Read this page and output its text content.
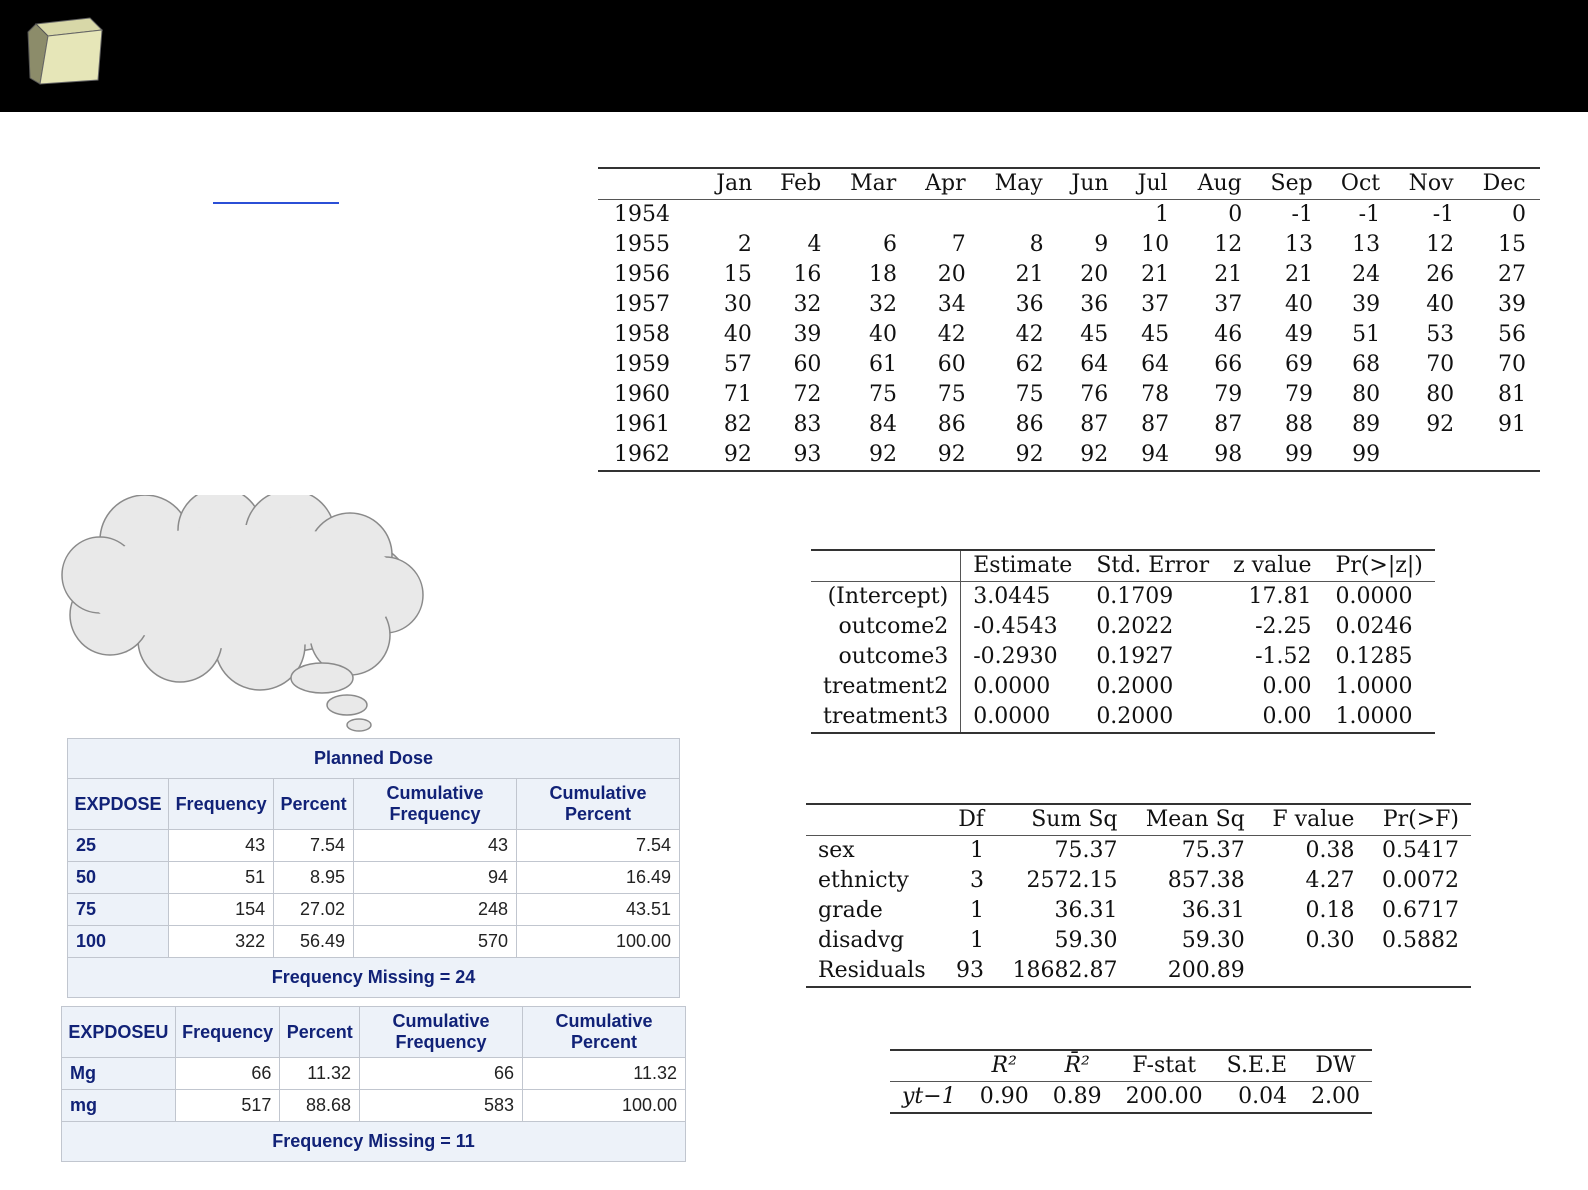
	Jan	Feb	Mar	Apr	May	Jun	Jul	Aug	Sep	Oct	Nov	Dec
1954							1	0	-1	-1	-1	0
1955	2	4	6	7	8	9	10	12	13	13	12	15
1956	15	16	18	20	21	20	21	21	21	24	26	27
1957	30	32	32	34	36	36	37	37	40	39	40	39
1958	40	39	40	42	42	45	45	46	49	51	53	56
1959	57	60	61	60	62	64	64	66	69	68	70	70
1960	71	72	75	75	75	76	78	79	79	80	80	81
1961	82	83	84	86	86	87	87	87	88	89	92	91
1962	92	93	92	92	92	92	94	98	99	99		
	Estimate	Std. Error	z value	Pr(>|z|)
(Intercept)	3.0445	0.1709	17.81	0.0000
outcome2	-0.4543	0.2022	-2.25	0.0246
outcome3	-0.2930	0.1927	-1.52	0.1285
treatment2	0.0000	0.2000	0.00	1.0000
treatment3	0.0000	0.2000	0.00	1.0000
	Df	Sum Sq	Mean Sq	F value	Pr(>F)
sex	1	75.37	75.37	0.38	0.5417
ethnicty	3	2572.15	857.38	4.27	0.0072
grade	1	36.31	36.31	0.18	0.6717
disadvg	1	59.30	59.30	0.30	0.5882
Residuals	93	18682.87	200.89		
	R²	R̄²	F-stat	S.E.E	DW
yt−1	0.90	0.89	200.00	0.04	2.00
Planned Dose				
EXPDOSE	Frequency	Percent	Cumulative Frequency	Cumulative Percent
25	43	7.54	43	7.54
50	51	8.95	94	16.49
75	154	27.02	248	43.51
100	322	56.49	570	100.00
Frequency Missing = 24				
EXPDOSEU	Frequency	Percent	Cumulative Frequency	Cumulative Percent
Mg	66	11.32	66	11.32
mg	517	88.68	583	100.00
Frequency Missing = 11				
